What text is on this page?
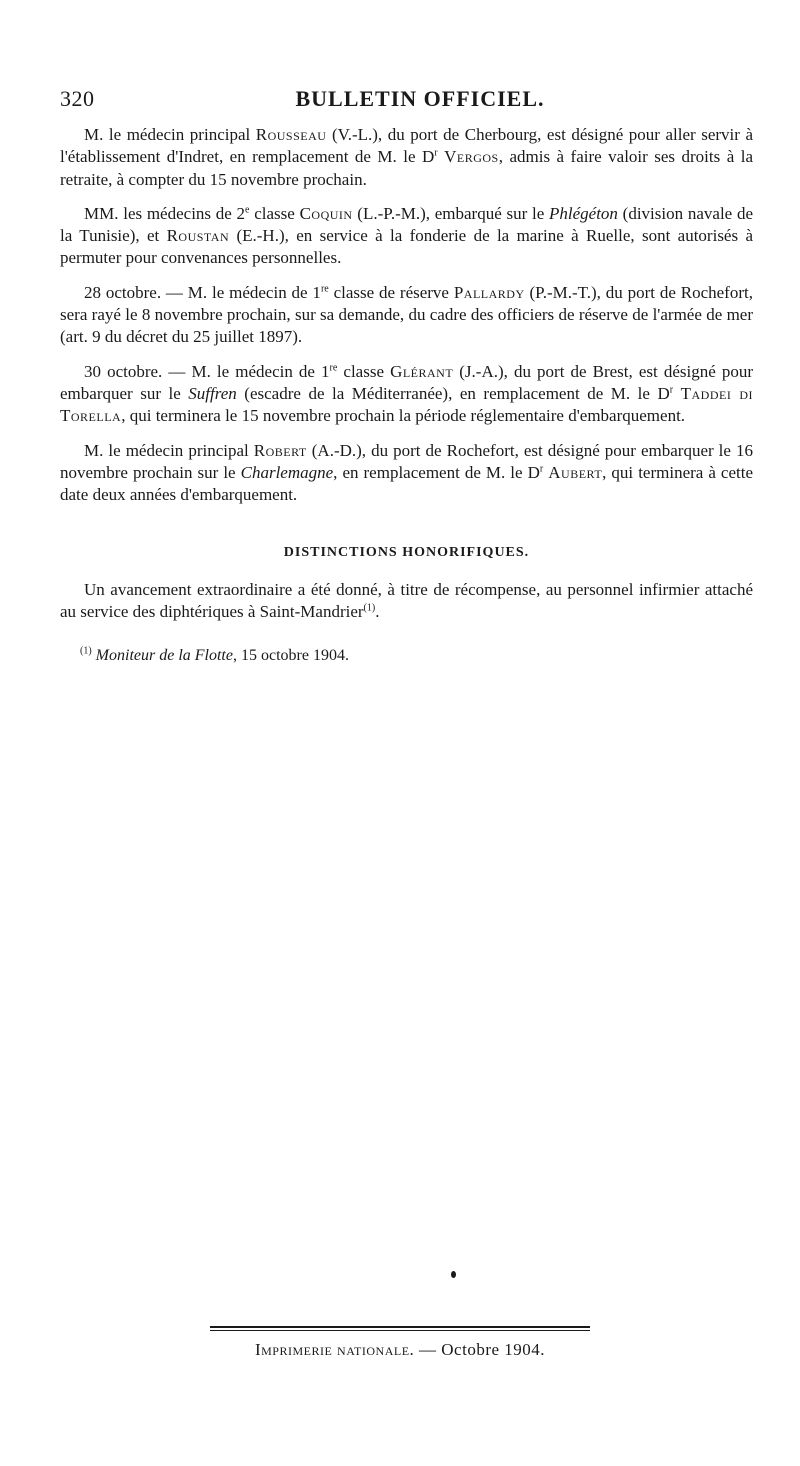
320	BULLETIN OFFICIEL.

M. le médecin principal Rousseau (V.-L.), du port de Cherbourg, est désigné pour aller servir à l'établissement d'Indret, en remplacement de M. le $D^r$ Vergos, admis à faire valoir ses droits à la retraite, à compter du 15 novembre prochain.

MM. les médecins de 2e classe Coquin (L.-P.-M.), embarqué sur le Phlégéton (division navale de la Tunisie), et Roustan (E.-H.), en service à la fonderie de la marine à Ruelle, sont autorisés à permuter pour convenances personnelles.

28 octobre. — M. le médecin de 1re classe de réserve Pallardy (P.-M.-T.), du port de Rochefort, sera rayé le 8 novembre prochain, sur sa demande, du cadre des officiers de réserve de l'armée de mer (art. 9 du décret du 25 juillet 1897).

30 octobre. — M. le médecin de 1re classe Glérant (J.-A.), du port de Brest, est désigné pour embarquer sur le Suffren (escadre de la Méditerranée), en remplacement de M. le $D^r$ Taddei di Torella, qui terminera le 15 novembre prochain la période réglementaire d'embarquement.

M. le médecin principal Robert (A.-D.), du port de Rochefort, est désigné pour embarquer le 16 novembre prochain sur le Charlemagne, en remplacement de M. le $D^r$ Aubert, qui terminera à cette date deux années d'embarquement.

DISTINCTIONS HONORIFIQUES.

Un avancement extraordinaire a été donné, à titre de récompense, au personnel infirmier attaché au service des diphtériques à Saint-Mandrier$^{(1)}$.

$^{(1)}$ Moniteur de la Flotte, 15 octobre 1904.

Imprimerie nationale. — Octobre 1904.
